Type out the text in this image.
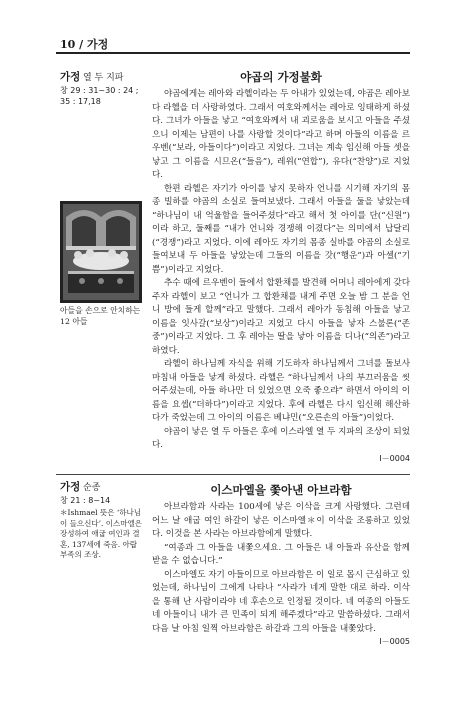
10 / 가정
가정 열 두 지파
창 29 : 31~30 : 24 ; 35 : 17,18
아들을 손으로 안치하는 12 아들
야곱의 가정불화

야곱에게는 레아와 라헬이라는 두 아내가 있었는데, 야곱은 레아보다 라헬을 더 사랑하였다. 그래서 여호와께서는 레아로 잉태하게 하셨다. 그녀가 아들을 낳고 “여호와께서 내 괴로움을 보시고 아들을 주셨으니 이제는 남편이 나를 사랑할 것이다”라고 하며 아들의 이름을 르우벤(“보라, 아들이다”)이라고 지었다. 그녀는 계속 임신해 아들 셋을 낳고 그 이름을 시므온(“들음”), 레위(“연합”), 유다(“찬양”)로 지었다.

한편 라헬은 자기가 아이를 낳지 못하자 언니를 시기해 자기의 몸종 빌하를 야곱의 소실로 들여보냈다. 그래서 아들을 둘을 낳았는데 “하나님이 내 억울함을 들어주셨다”라고 해서 첫 아이를 단(“신원”)이라 하고, 둘째를 “내가 언니와 경쟁해 이겼다”는 의미에서 납달리(“경쟁”)라고 지었다. 이에 레아도 자기의 몸종 실바를 야곱의 소실로 들여보내 두 아들을 낳았는데 그들의 이름을 갓(“행운”)과 아셀(“기쁨”)이라고 지었다.

추수 때에 르우벤이 들에서 합환채를 발견해 어머니 레아에게 갖다 주자 라헬이 보고 “언니가 그 합환채를 내게 주면 오늘 밤 그 분을 언니 방에 들게 할께”라고 말했다. 그래서 레아가 동침해 아들을 낳고 이름을 잇사갈(“보상”)이라고 지었고 다시 아들을 낳자 스불론(“존중”)이라고 지었다. 그 후 레아는 딸을 낳아 이름을 디나(“의존”)라고 하였다.

라헬이 하나님께 자식을 위해 기도하자 하나님께서 그녀를 돌보사 마침내 아들을 낳게 하셨다. 라헬은 “하나님께서 나의 부끄러움을 씻어주셨는데, 아들 하나만 더 있었으면 오죽 좋으랴” 하면서 아이의 이름을 요셉(“더하다”)이라고 지었다. 후에 라헬은 다시 임신해 해산하다가 죽었는데 그 아이의 이름은 베냐민(“오른손의 아들”)이었다.

야곱이 낳은 열 두 아들은 후에 이스라엘 열 두 지파의 조상이 되었다.

I－0004
가정 순종
창 21 : 8~14
＊Ishmael 뜻은 ‘하나님이 들으신다’. 이스마엘은 장성하여 애굽 여인과 결혼, 137세에 죽음. 아랍 부족의 조상.
이스마엘을 쫓아낸 아브라함

아브라함과 사라는 100세에 낳은 이삭을 크게 사랑했다. 그런데 어느 날 애굽 여인 하갈이 낳은 이스마엘＊이 이삭을 조롱하고 있었다. 이것을 본 사라는 아브라함에게 말했다.

“여종과 그 아들을 내쫓으세요. 그 아들은 내 아들과 유산을 함께 받을 수 없습니다.”

이스마엘도 자기 아들이므로 아브라함은 이 일로 몹시 근심하고 있었는데, 하나님이 그에게 나타나 “사라가 네게 말한 대로 하라. 이삭을 통해 난 사람이라야 네 후손으로 인정될 것이다. 네 여종의 아들도 네 아들이니 내가 큰 민족이 되게 해주겠다”라고 말씀하셨다. 그래서 다음 날 아침 일찍 아브라함은 하갈과 그의 아들을 내쫓았다.

I－0005
